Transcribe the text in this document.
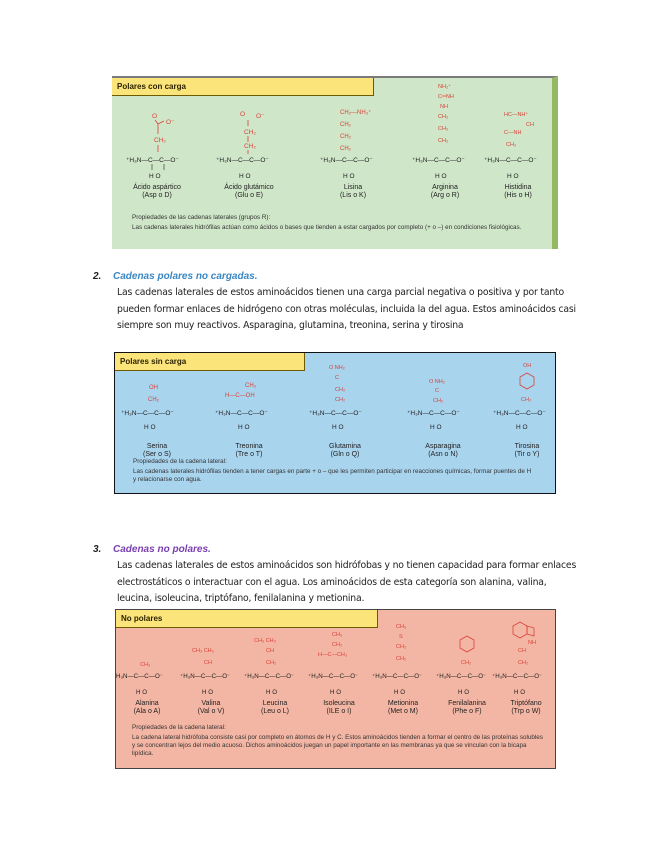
Polares con carga
O
O⁻
CH₂
⁺H₃N—C—C—O⁻
H O
Ácido aspártico
(Asp o D)
O O⁻
CH₂
CH₂
⁺H₃N—C—C—O⁻
H O
Ácido glutámico
(Glu o E)
CH₂—NH₃⁺
CH₂
CH₂
CH₂
⁺H₃N—C—C—O⁻
H O
Lisina
(Lis o K)
NH₂⁺
C═NH
NH
CH₂
CH₂
CH₂
⁺H₃N—C—C—O⁻
H O
Arginina
(Arg o R)
HC—NH⁺
CH
C—NH
CH₂
⁺H₃N—C—C—O⁻
H O
Histidina
(His o H)
Propiedades de las cadenas laterales (grupos R):
Las cadenas laterales hidrófilas actúan como ácidos o bases que tienden a estar cargados por completo (+ o –) en condiciones fisiológicas.
2. Cadenas polares no cargadas.
Las cadenas laterales de estos aminoácidos tienen una carga parcial negativa o positiva y por tanto pueden formar enlaces de hidrógeno con otras moléculas, incluida la del agua. Estos aminoácidos casi siempre son muy reactivos. Asparagina, glutamina, treonina, serina y tirosina
Polares sin carga
OH
CH₂
⁺H₃N—C—C—O⁻
H O
Serina
(Ser o S)
CH₃
H—C—OH
⁺H₃N—C—C—O⁻
H O
Treonina
(Tre o T)
O NH₂
C
CH₂
CH₂
⁺H₃N—C—C—O⁻
H O
Glutamina
(Gln o Q)
O NH₂
C
CH₂
⁺H₃N—C—C—O⁻
H O
Asparagina
(Asn o N)
OH
CH₂
⁺H₃N—C—C—O⁻
H O
Tirosina
(Tir o Y)
Propiedades de la cadena lateral:
Las cadenas laterales hidrófilas tienden a tener cargas en parte + o – que les permiten participar en reacciones químicas, formar puentes de H y relacionarse con agua.
3. Cadenas no polares.
Las cadenas laterales de estos aminoácidos son hidrófobas y no tienen capacidad para formar enlaces electrostáticos o interactuar con el agua. Los aminoácidos de esta categoría son alanina, valina, leucina, isoleucina, triptófano, fenilalanina y metionina.
No polares
CH₃
H₃N—C—C—O⁻
H O
Alanina
(Ala o A)
CH₃ CH₃
CH
⁺H₃N—C—C—O⁻
H O
Valina
(Val o V)
CH₃ CH₃
CH
CH₂
⁺H₃N—C—C—O⁻
H O
Leucina
(Leu o L)
CH₃
CH₂
H—C—CH₃
⁺H₃N—C—C—O⁻
H O
Isoleucina
(ILE o I)
CH₃
S
CH₂
CH₂
⁺H₃N—C—C—O⁻
H O
Metionina
(Met o M)
CH₂
⁺H₃N—C—C—O⁻
H O
Fenilalanina
(Phe o F)
NH
CH
CH₂
⁺H₃N—C—C—O⁻
H O
Triptófano
(Trp o W)
Propiedades de la cadena lateral:
La cadena lateral hidrófoba consiste casi por completo en átomos de H y C. Estos aminoácidos tienden a formar el centro de las proteínas solubles y se concentran lejos del medio acuoso. Dichos aminoácidos juegan un papel importante en las membranas ya que se vinculan con la bicapa lipídica.
